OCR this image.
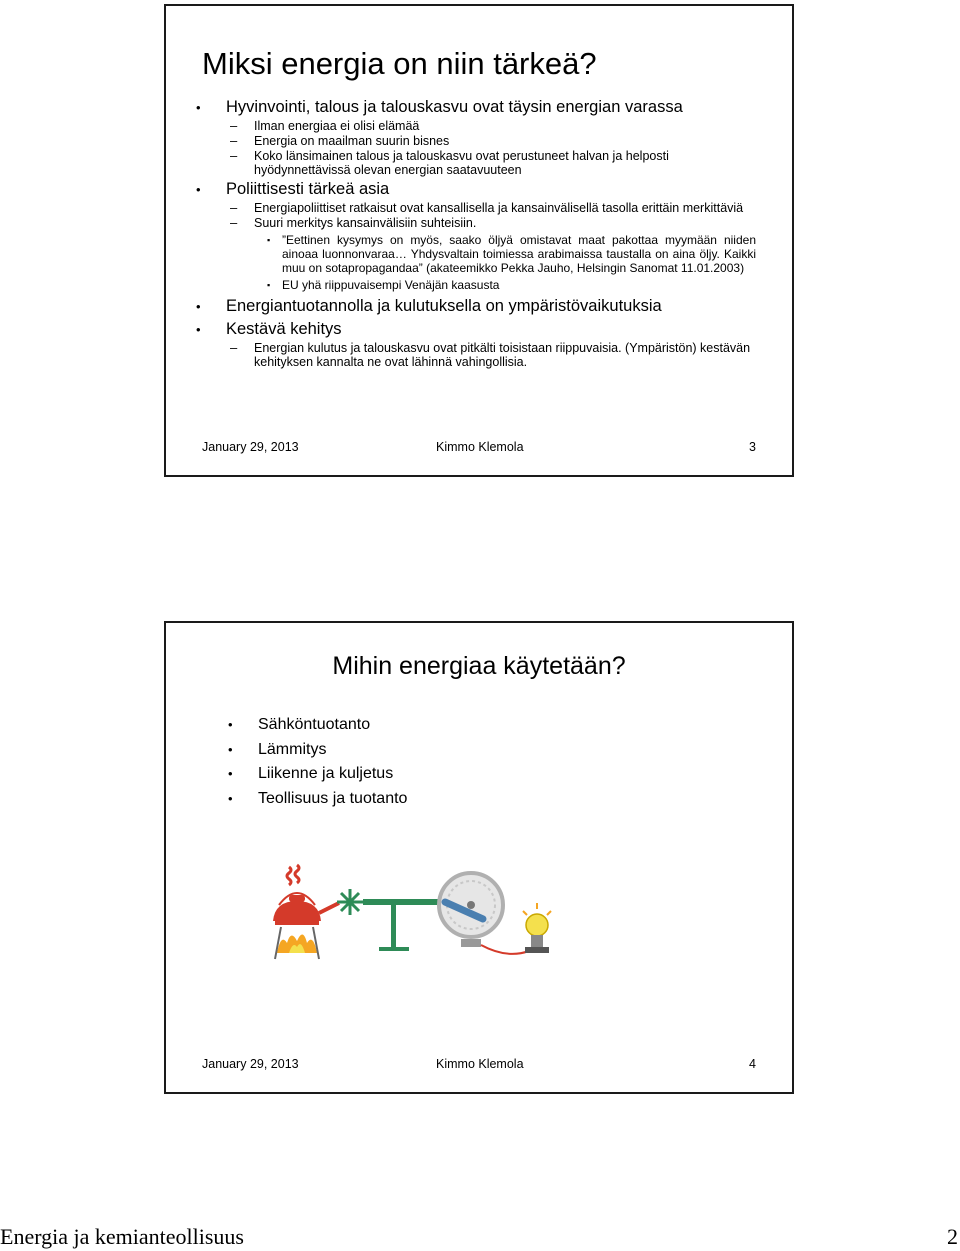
Miksi energia on niin tärkeä?
• Hyvinvointi, talous ja talouskasvu ovat täysin energian varassa
– Ilman energiaa ei olisi elämää
– Energia on maailman suurin bisnes
– Koko länsimainen talous ja talouskasvu ovat perustuneet halvan ja helposti hyödynnettävissä olevan energian saatavuuteen
• Poliittisesti tärkeä asia
– Energiapoliittiset ratkaisut ovat kansallisella ja kansainvälisellä tasolla erittäin merkittäviä
– Suuri merkitys kansainvälisiin suhteisiin.
▪ ”Eettinen kysymys on myös, saako öljyä omistavat maat pakottaa myymään niiden ainoaa luonnonvaraa… Yhdysvaltain toimiessa arabimaissa taustalla on aina öljy. Kaikki muu on sotapropagandaa” (akateemikko Pekka Jauho, Helsingin Sanomat 11.01.2003)
▪ EU yhä riippuvaisempi Venäjän kaasusta
• Energiantuotannolla ja kulutuksella on ympäristövaikutuksia
• Kestävä kehitys
– Energian kulutus ja talouskasvu ovat pitkälti toisistaan riippuvaisia. (Ympäristön) kestävän kehityksen kannalta ne ovat lähinnä vahingollisia.
January 29, 2013	Kimmo Klemola	3
Mihin energiaa käytetään?
• Sähköntuotanto
• Lämmitys
• Liikenne ja kuljetus
• Teollisuus ja tuotanto
January 29, 2013	Kimmo Klemola	4
Energia ja kemianteollisuus	2
